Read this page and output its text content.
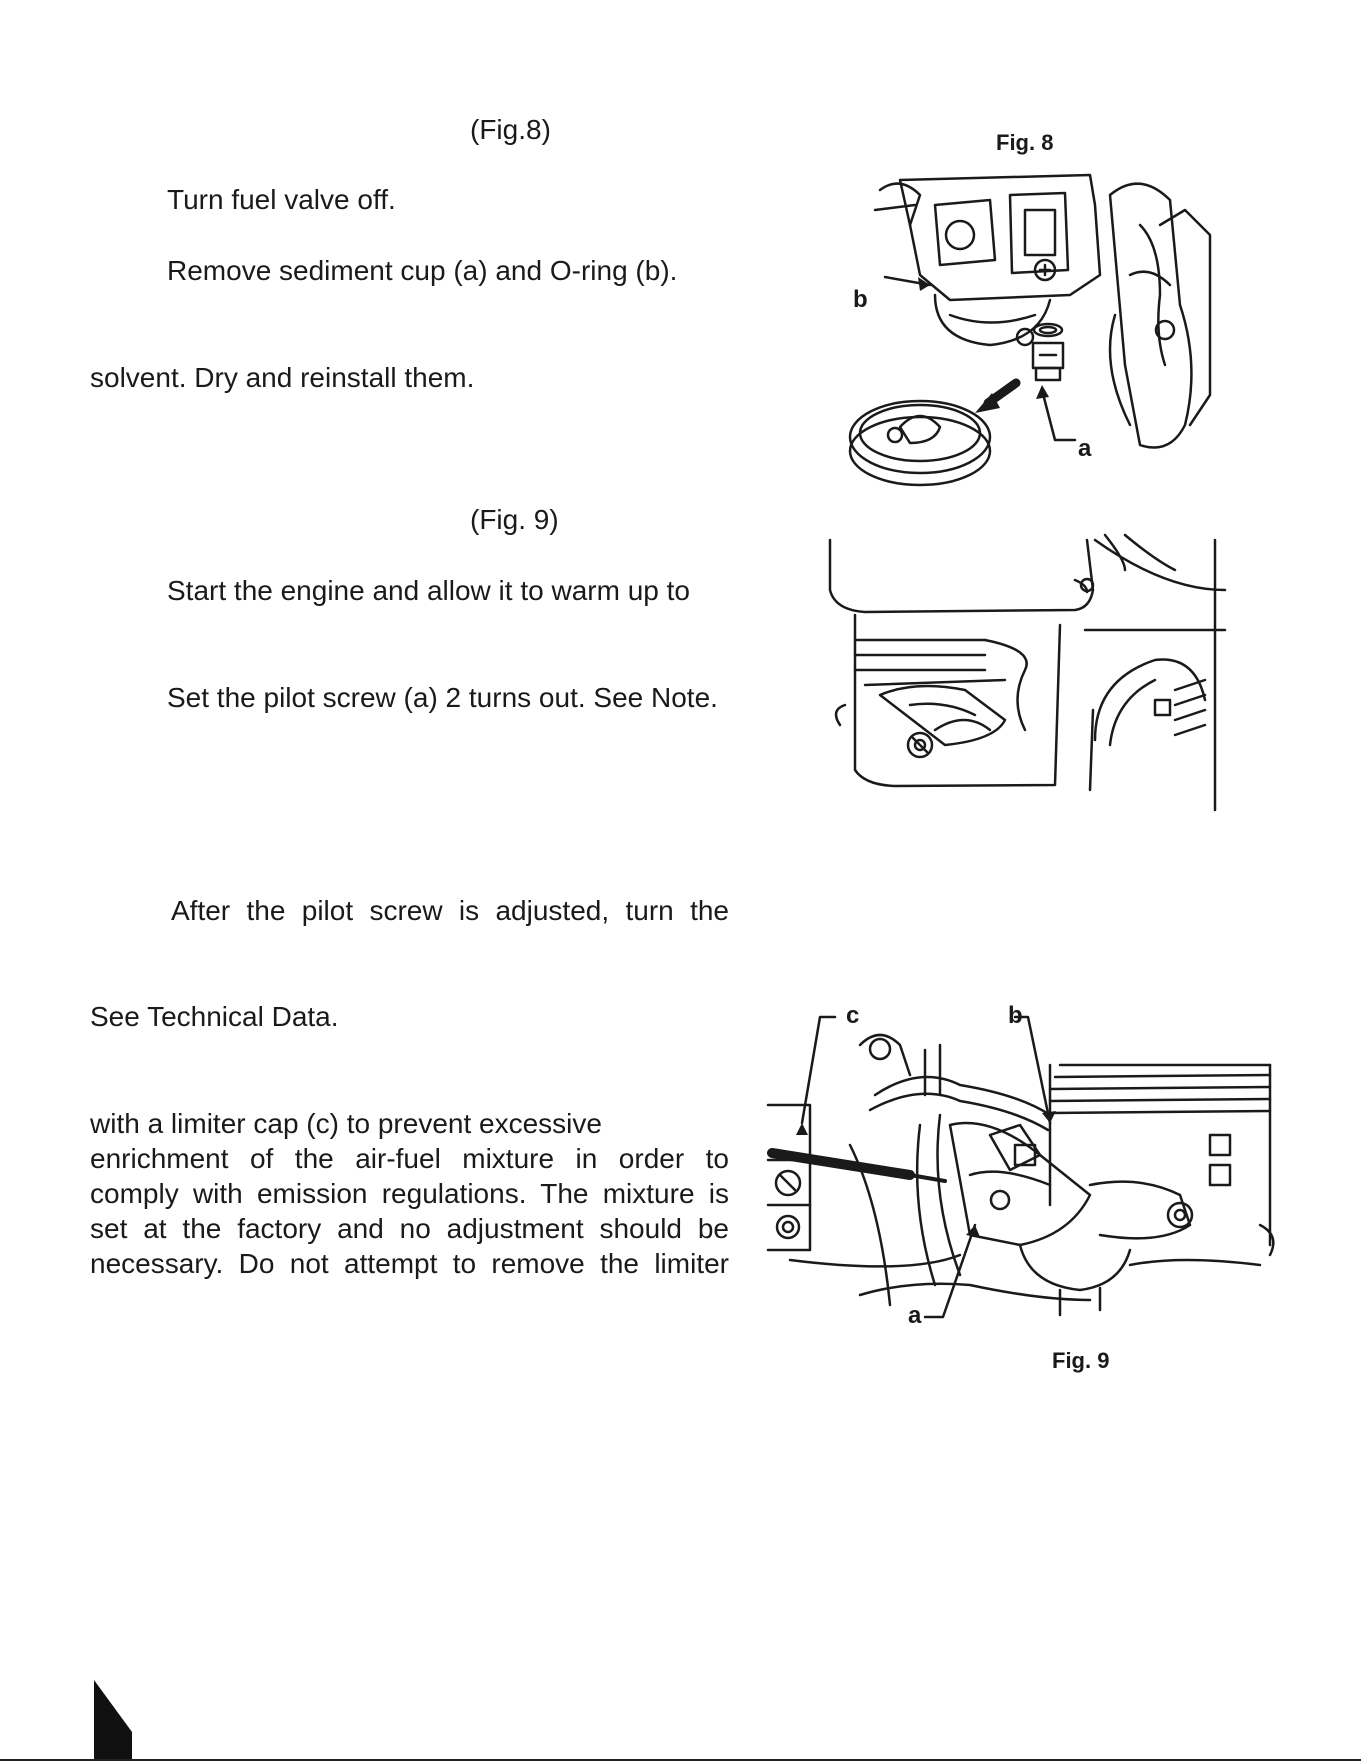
(Fig.8)

Turn fuel valve off.

Remove sediment cup (a) and O-ring (b).

solvent. Dry and reinstall them.

(Fig. 9)

Start the engine and allow it to warm up to

Set the pilot screw (a) 2 turns out. See Note.

After the pilot screw is adjusted, turn the

See Technical Data.

with a limiter cap (c) to prevent excessive

enrichment of the air-fuel mixture in order to

comply with emission regulations. The mixture is

set at the factory and no adjustment should be

necessary. Do not attempt to remove the limiter

Fig. 8
b
a
c	b
a
Fig. 9
